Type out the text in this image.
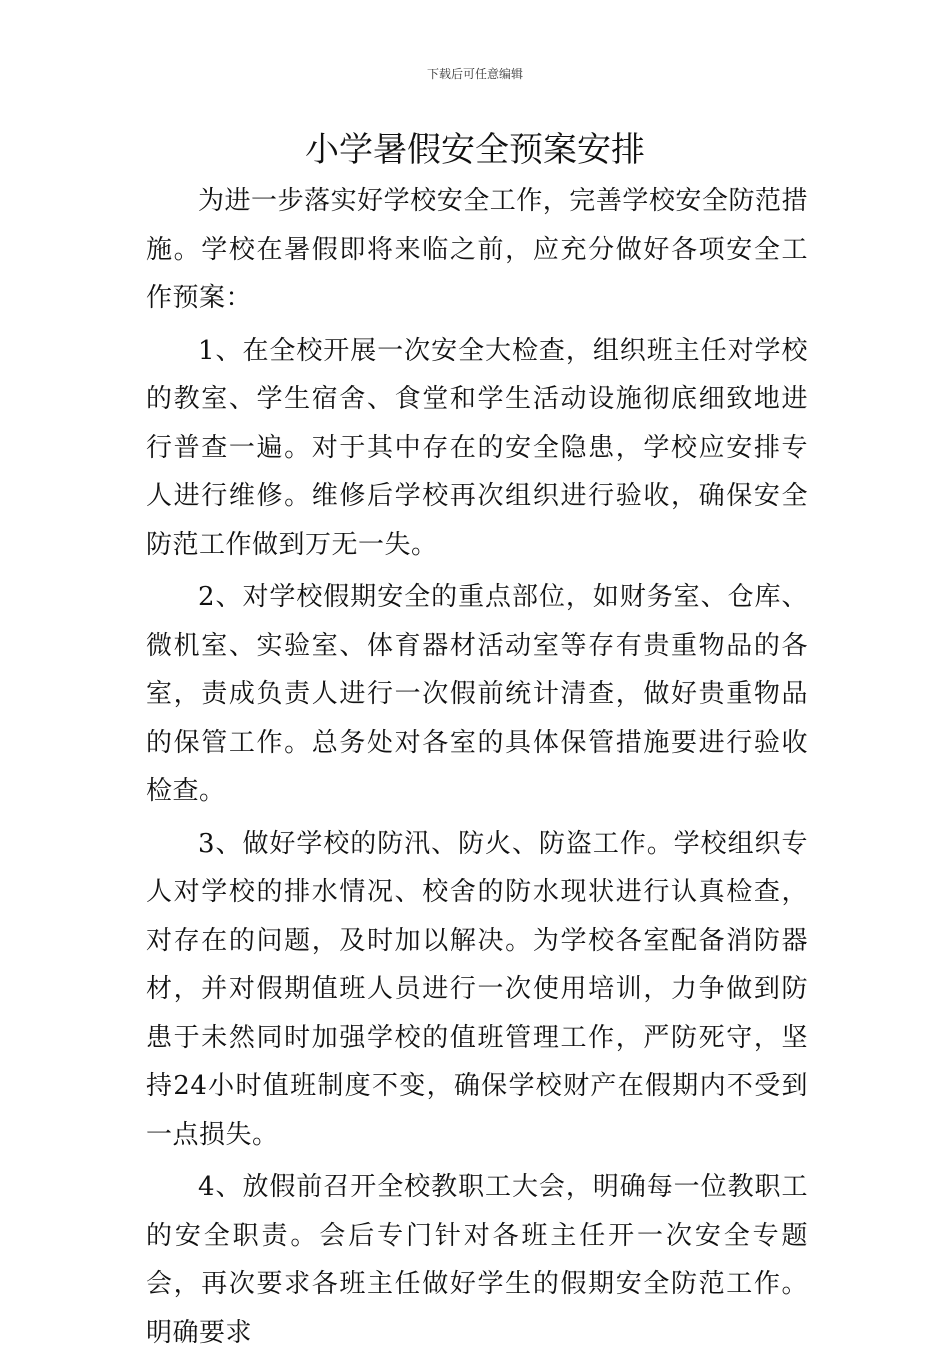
下载后可任意编辑
小学暑假安全预案安排

为进一步落实好学校安全工作，完善学校安全防范措施。学校在暑假即将来临之前，应充分做好各项安全工作预案：

1、在全校开展一次安全大检查，组织班主任对学校的教室、学生宿舍、食堂和学生活动设施彻底细致地进行普查一遍。对于其中存在的安全隐患，学校应安排专人进行维修。维修后学校再次组织进行验收，确保安全防范工作做到万无一失。

2、对学校假期安全的重点部位，如财务室、仓库、微机室、实验室、体育器材活动室等存有贵重物品的各室，责成负责人进行一次假前统计清查，做好贵重物品的保管工作。总务处对各室的具体保管措施要进行验收检查。

3、做好学校的防汛、防火、防盗工作。学校组织专人对学校的排水情况、校舍的防水现状进行认真检查，对存在的问题，及时加以解决。为学校各室配备消防器材，并对假期值班人员进行一次使用培训，力争做到防患于未然同时加强学校的值班管理工作，严防死守，坚持24小时值班制度不变，确保学校财产在假期内不受到一点损失。

4、放假前召开全校教职工大会，明确每一位教职工的安全职责。会后专门针对各班主任开一次安全专题会，再次要求各班主任做好学生的假期安全防范工作。明确要求
